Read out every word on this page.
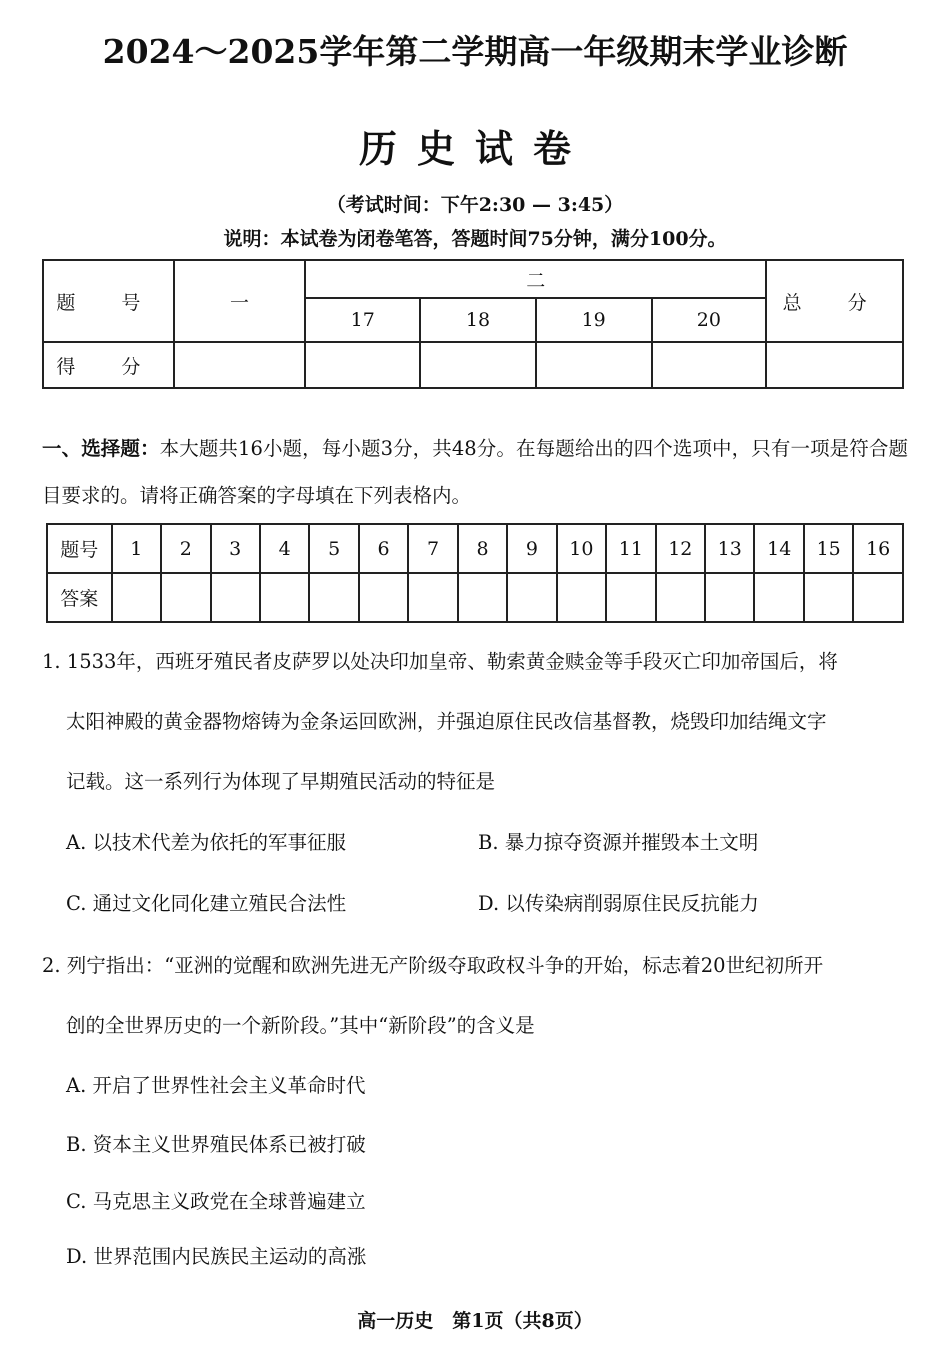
2024～2025学年第二学期高一年级期末学业诊断
历史试卷
（考试时间：下午2:30 — 3:45）
说明：本试卷为闭卷笔答，答题时间75分钟，满分100分。
题 号	一	二				总 分
		17	18	19	20	
得 分						
一、选择题：本大题共16小题，每小题3分，共48分。在每题给出的四个选项中，只有一项是符合题目要求的。请将正确答案的字母填在下列表格内。
题号	1	2	3	4	5	6	7	8	9	10	11	12	13	14	15	16
答案																
1. 1533年，西班牙殖民者皮萨罗以处决印加皇帝、勒索黄金赎金等手段灭亡印加帝国后，将
太阳神殿的黄金器物熔铸为金条运回欧洲，并强迫原住民改信基督教，烧毁印加结绳文字
记载。这一系列行为体现了早期殖民活动的特征是
A. 以技术代差为依托的军事征服	B. 暴力掠夺资源并摧毁本土文明
C. 通过文化同化建立殖民合法性	D. 以传染病削弱原住民反抗能力
2. 列宁指出：“亚洲的觉醒和欧洲先进无产阶级夺取政权斗争的开始，标志着20世纪初所开
创的全世界历史的一个新阶段。”其中“新阶段”的含义是
A. 开启了世界性社会主义革命时代
B. 资本主义世界殖民体系已被打破
C. 马克思主义政党在全球普遍建立
D. 世界范围内民族民主运动的高涨
高一历史　第1页（共8页）
